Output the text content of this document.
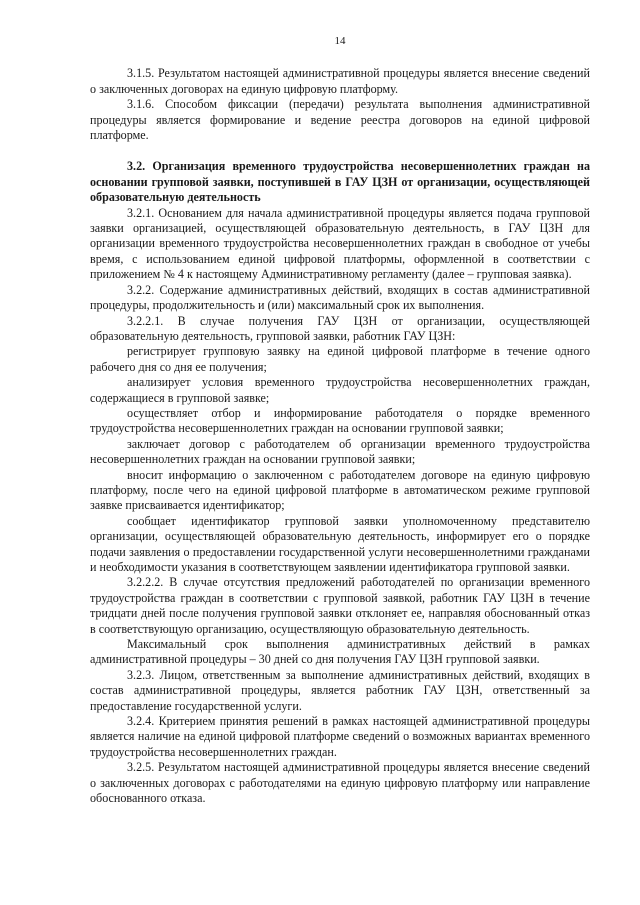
14

3.1.5. Результатом настоящей административной процедуры является внесение сведений о заключенных договорах на единую цифровую платформу.

3.1.6. Способом фиксации (передачи) результата выполнения административной процедуры является формирование и ведение реестра договоров на единой цифровой платформе.

3.2. Организация временного трудоустройства несовершеннолетних граждан на основании групповой заявки, поступившей в ГАУ ЦЗН от организации, осуществляющей образовательную деятельность

3.2.1. Основанием для начала административной процедуры является подача групповой заявки организацией, осуществляющей образовательную деятельность, в ГАУ ЦЗН для организации временного трудоустройства несовершеннолетних граждан в свободное от учебы время, с использованием единой цифровой платформы, оформленной в соответствии с приложением № 4 к настоящему Административному регламенту (далее – групповая заявка).

3.2.2. Содержание административных действий, входящих в состав административной процедуры, продолжительность и (или) максимальный срок их выполнения.

3.2.2.1. В случае получения ГАУ ЦЗН от организации, осуществляющей образовательную деятельность, групповой заявки, работник ГАУ ЦЗН:

регистрирует групповую заявку на единой цифровой платформе в течение одного рабочего дня со дня ее получения;

анализирует условия временного трудоустройства несовершеннолетних граждан, содержащиеся в групповой заявке;

осуществляет отбор и информирование работодателя о порядке временного трудоустройства несовершеннолетних граждан на основании групповой заявки;

заключает договор с работодателем об организации временного трудоустройства несовершеннолетних граждан на основании групповой заявки;

вносит информацию о заключенном с работодателем договоре на единую цифровую платформу, после чего на единой цифровой платформе в автоматическом режиме групповой заявке присваивается идентификатор;

сообщает идентификатор групповой заявки уполномоченному представителю организации, осуществляющей образовательную деятельность, информирует его о порядке подачи заявления о предоставлении государственной услуги несовершеннолетними гражданами и необходимости указания в соответствующем заявлении идентификатора групповой заявки.

3.2.2.2. В случае отсутствия предложений работодателей по организации временного трудоустройства граждан в соответствии с групповой заявкой, работник ГАУ ЦЗН в течение тридцати дней после получения групповой заявки отклоняет ее, направляя обоснованный отказ в соответствующую организацию, осуществляющую образовательную деятельность.

Максимальный срок выполнения административных действий в рамках административной процедуры – 30 дней со дня получения ГАУ ЦЗН групповой заявки.

3.2.3. Лицом, ответственным за выполнение административных действий, входящих в состав административной процедуры, является работник ГАУ ЦЗН, ответственный за предоставление государственной услуги.

3.2.4. Критерием принятия решений в рамках настоящей административной процедуры является наличие на единой цифровой платформе сведений о возможных вариантах временного трудоустройства несовершеннолетних граждан.

3.2.5. Результатом настоящей административной процедуры является внесение сведений о заключенных договорах с работодателями на единую цифровую платформу или направление обоснованного отказа.
